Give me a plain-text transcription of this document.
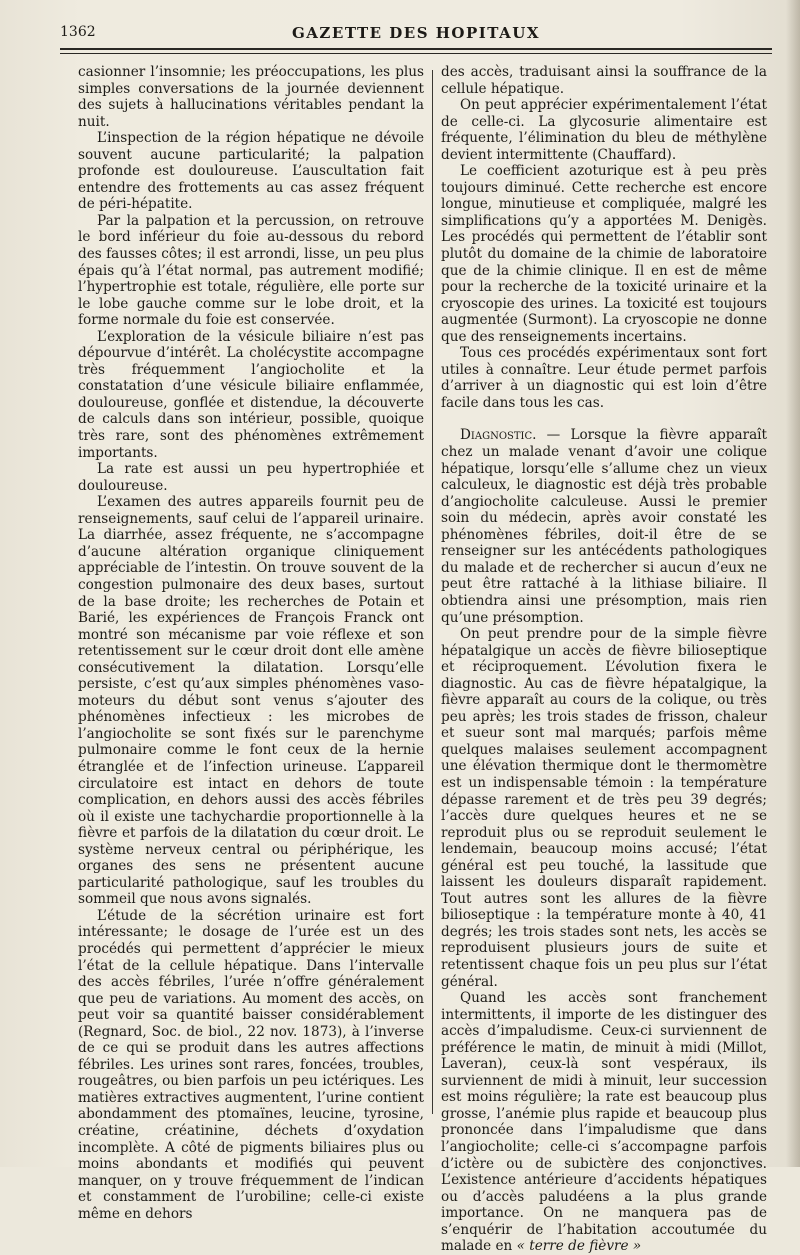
1362	GAZETTE DES HOPITAUX

casionner l’insomnie; les préoccupations, les plus simples conversations de la journée deviennent des sujets à hallucinations véritables pendant la nuit.

L’inspection de la région hépatique ne dévoile souvent aucune particularité; la palpation profonde est douloureuse. L’auscultation fait entendre des frottements au cas assez fréquent de péri-hépatite.

Par la palpation et la percussion, on retrouve le bord inférieur du foie au-dessous du rebord des fausses côtes; il est arrondi, lisse, un peu plus épais qu’à l’état normal, pas autrement modifié; l’hypertrophie est totale, régulière, elle porte sur le lobe gauche comme sur le lobe droit, et la forme normale du foie est conservée.

L’exploration de la vésicule biliaire n’est pas dépourvue d’intérêt. La cholécystite accompagne très fréquemment l’angiocholite et la constatation d’une vésicule biliaire enflammée, douloureuse, gonflée et distendue, la découverte de calculs dans son intérieur, possible, quoique très rare, sont des phénomènes extrêmement importants.

La rate est aussi un peu hypertrophiée et douloureuse.

L’examen des autres appareils fournit peu de renseignements, sauf celui de l’appareil urinaire. La diarrhée, assez fréquente, ne s’accompagne d’aucune altération organique cliniquement appréciable de l’intestin. On trouve souvent de la congestion pulmonaire des deux bases, surtout de la base droite; les recherches de Potain et Barié, les expériences de François Franck ont montré son mécanisme par voie réflexe et son retentissement sur le cœur droit dont elle amène consécutivement la dilatation. Lorsqu’elle persiste, c’est qu’aux simples phénomènes vaso-moteurs du début sont venus s’ajouter des phénomènes infectieux : les microbes de l’angiocholite se sont fixés sur le parenchyme pulmonaire comme le font ceux de la hernie étranglée et de l’infection urineuse. L’appareil circulatoire est intact en dehors de toute complication, en dehors aussi des accès fébriles où il existe une tachychardie proportionnelle à la fièvre et parfois de la dilatation du cœur droit. Le système nerveux central ou périphérique, les organes des sens ne présentent aucune particularité pathologique, sauf les troubles du sommeil que nous avons signalés.

L’étude de la sécrétion urinaire est fort intéressante; le dosage de l’urée est un des procédés qui permettent d’apprécier le mieux l’état de la cellule hépatique. Dans l’intervalle des accès fébriles, l’urée n’offre généralement que peu de variations. Au moment des accès, on peut voir sa quantité baisser considérablement (Regnard, Soc. de biol., 22 nov. 1873), à l’inverse de ce qui se produit dans les autres affections fébriles. Les urines sont rares, foncées, troubles, rougeâtres, ou bien parfois un peu ictériques. Les matières extractives augmentent, l’urine contient abondamment des ptomaïnes, leucine, tyrosine, créatine, créatinine, déchets d’oxydation incomplète. A côté de pigments biliaires plus ou moins abondants et modifiés qui peuvent manquer, on y trouve fréquemment de l’indican et constamment de l’urobiline; celle-ci existe même en dehors

des accès, traduisant ainsi la souffrance de la cellule hépatique.

On peut apprécier expérimentalement l’état de celle-ci. La glycosurie alimentaire est fréquente, l’élimination du bleu de méthylène devient intermittente (Chauffard).

Le coefficient azoturique est à peu près toujours diminué. Cette recherche est encore longue, minutieuse et compliquée, malgré les simplifications qu’y a apportées M. Denigès. Les procédés qui permettent de l’établir sont plutôt du domaine de la chimie de laboratoire que de la chimie clinique. Il en est de même pour la recherche de la toxicité urinaire et la cryoscopie des urines. La toxicité est toujours augmentée (Surmont). La cryoscopie ne donne que des renseignements incertains.

Tous ces procédés expérimentaux sont fort utiles à connaître. Leur étude permet parfois d’arriver à un diagnostic qui est loin d’être facile dans tous les cas.

Diagnostic. — Lorsque la fièvre apparaît chez un malade venant d’avoir une colique hépatique, lorsqu’elle s’allume chez un vieux calculeux, le diagnostic est déjà très probable d’angiocholite calculeuse. Aussi le premier soin du médecin, après avoir constaté les phénomènes fébriles, doit-il être de se renseigner sur les antécédents pathologiques du malade et de rechercher si aucun d’eux ne peut être rattaché à la lithiase biliaire. Il obtiendra ainsi une présomption, mais rien qu’une présomption.

On peut prendre pour de la simple fièvre hépatalgique un accès de fièvre bilioseptique et réciproquement. L’évolution fixera le diagnostic. Au cas de fièvre hépatalgique, la fièvre apparaît au cours de la colique, ou très peu après; les trois stades de frisson, chaleur et sueur sont mal marqués; parfois même quelques malaises seulement accompagnent une élévation thermique dont le thermomètre est un indispensable témoin : la température dépasse rarement et de très peu 39 degrés; l’accès dure quelques heures et ne se reproduit plus ou se reproduit seulement le lendemain, beaucoup moins accusé; l’état général est peu touché, la lassitude que laissent les douleurs disparaît rapidement. Tout autres sont les allures de la fièvre bilioseptique : la température monte à 40, 41 degrés; les trois stades sont nets, les accès se reproduisent plusieurs jours de suite et retentissent chaque fois un peu plus sur l’état général.

Quand les accès sont franchement intermittents, il importe de les distinguer des accès d’impaludisme. Ceux-ci surviennent de préférence le matin, de minuit à midi (Millot, Laveran), ceux-là sont vespéraux, ils surviennent de midi à minuit, leur succession est moins régulière; la rate est beaucoup plus grosse, l’anémie plus rapide et beaucoup plus prononcée dans l’impaludisme que dans l’angiocholite; celle-ci s’accompagne parfois d’ictère ou de subictère des conjonctives. L’existence antérieure d’accidents hépatiques ou d’accès paludéens a la plus grande importance. On ne manquera pas de s’enquérir de l’habitation accoutumée du malade en « terre de fièvre »
